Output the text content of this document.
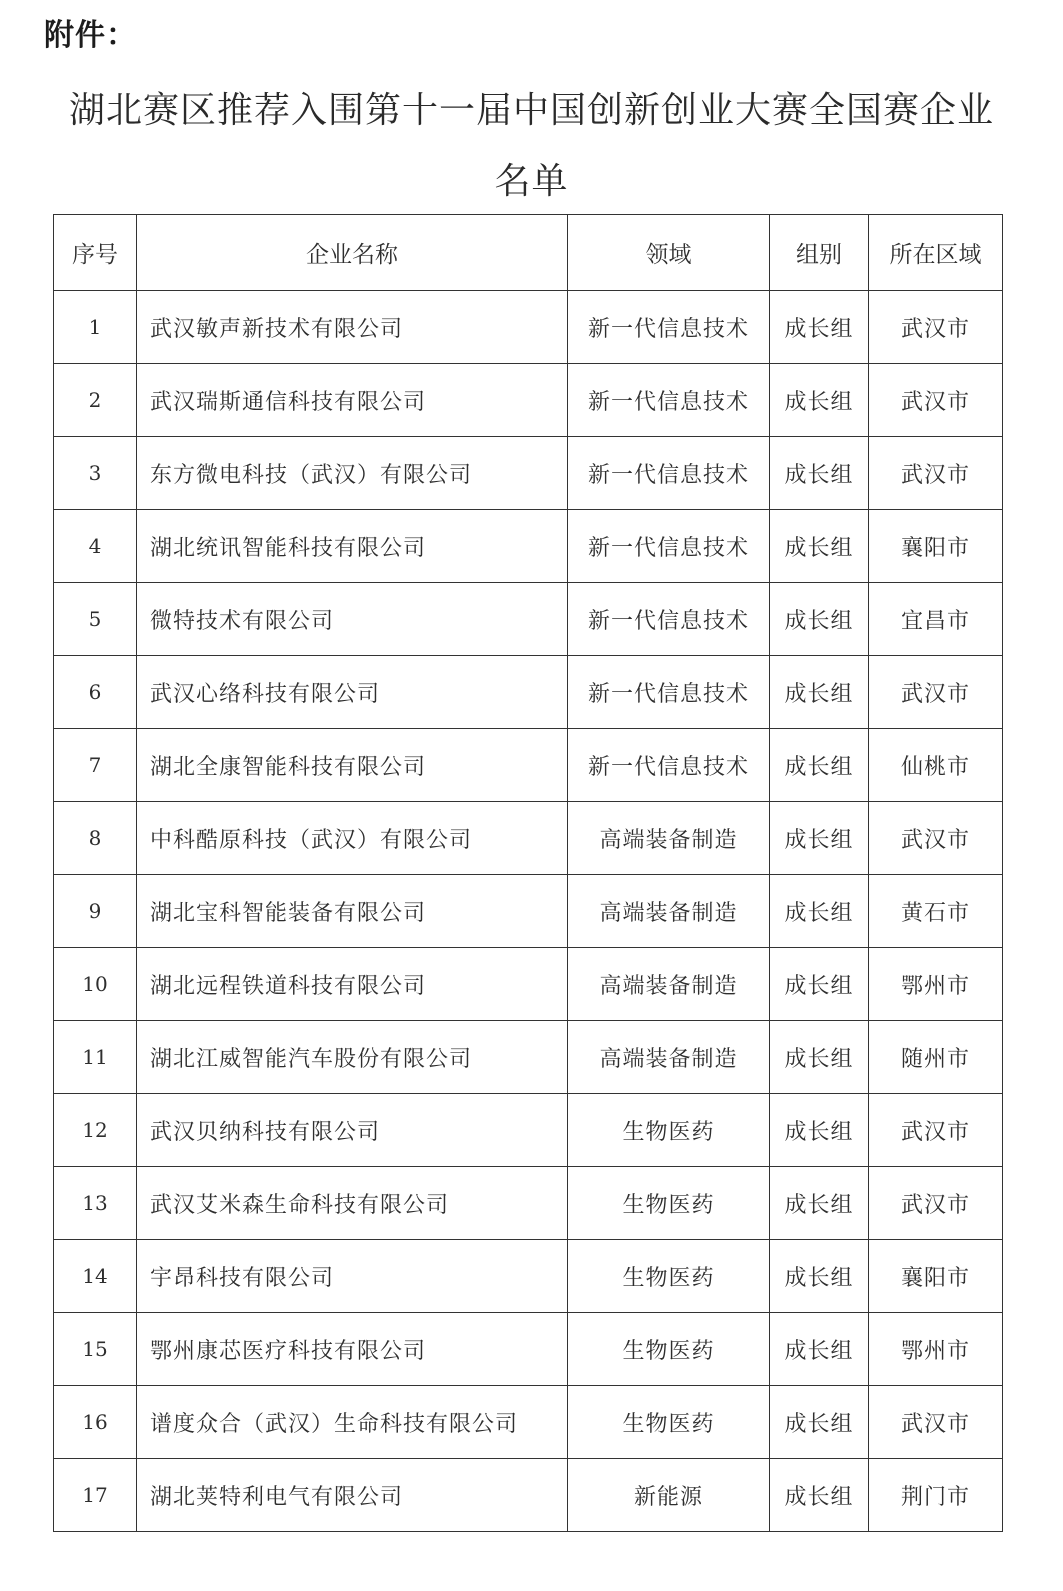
附件：
湖北赛区推荐入围第十一届中国创新创业大赛全国赛企业
名单
序号	企业名称	领域	组别	所在区域
1	武汉敏声新技术有限公司	新一代信息技术	成长组	武汉市
2	武汉瑞斯通信科技有限公司	新一代信息技术	成长组	武汉市
3	东方微电科技（武汉）有限公司	新一代信息技术	成长组	武汉市
4	湖北统讯智能科技有限公司	新一代信息技术	成长组	襄阳市
5	微特技术有限公司	新一代信息技术	成长组	宜昌市
6	武汉心络科技有限公司	新一代信息技术	成长组	武汉市
7	湖北全康智能科技有限公司	新一代信息技术	成长组	仙桃市
8	中科酷原科技（武汉）有限公司	高端装备制造	成长组	武汉市
9	湖北宝科智能装备有限公司	高端装备制造	成长组	黄石市
10	湖北远程铁道科技有限公司	高端装备制造	成长组	鄂州市
11	湖北江威智能汽车股份有限公司	高端装备制造	成长组	随州市
12	武汉贝纳科技有限公司	生物医药	成长组	武汉市
13	武汉艾米森生命科技有限公司	生物医药	成长组	武汉市
14	宇昂科技有限公司	生物医药	成长组	襄阳市
15	鄂州康芯医疗科技有限公司	生物医药	成长组	鄂州市
16	谱度众合（武汉）生命科技有限公司	生物医药	成长组	武汉市
17	湖北荚特利电气有限公司	新能源	成长组	荆门市
